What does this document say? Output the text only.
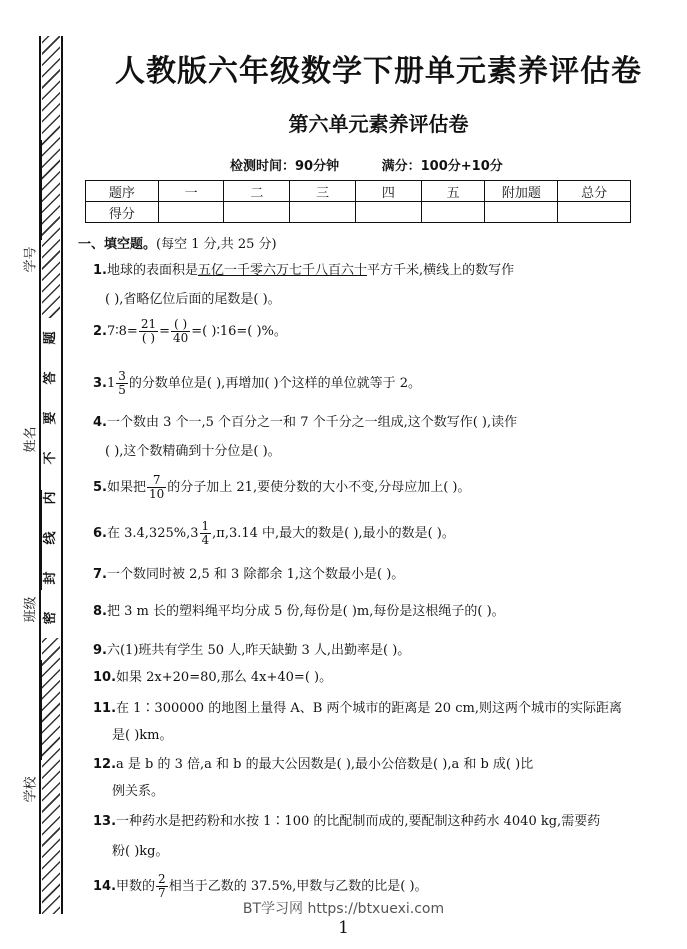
题
答
要
不
内
线
封
密
学号
姓名
班级
学校
人教版六年级数学下册单元素养评估卷
第六单元素养评估卷
检测时间：90分钟	满分：100分+10分
题序	一	二	三	四	五	附加题	总分
得分							
一、填空题。(每空 1 分,共 25 分)
1.地球的表面积是五亿一千零六万七千八百六十平方千米,横线上的数写作
( ),省略亿位后面的尾数是( )。
2.7∶8= $\frac{21}{( )} = \frac{( )}{40}$ =( )∶16=( )%。
$3.1 \frac{3}{5}$ 的分数单位是( ),再增加( )个这样的单位就等于 2。
4.一个数由 3 个一,5 个百分之一和 7 个千分之一组成,这个数写作( ),读作
( ),这个数精确到十分位是( )。
5.如果把 $\frac{7}{10}$ 的分子加上 21,要使分数的大小不变,分母应加上( )。
6.在 $3.4,325\%,3 \frac{1}{4} ,\pi,3.14$ 中,最大的数是( ),最小的数是( )。
7.一个数同时被 2,5 和 3 除都余 1,这个数最小是( )。
8.把 3 m 长的塑料绳平均分成 5 份,每份是( )m,每份是这根绳子的( )。
9.六(1)班共有学生 50 人,昨天缺勤 3 人,出勤率是( )。
10.如果 2x+20=80,那么 4x+40=( )。
11.在 1∶300000 的地图上量得 A、B 两个城市的距离是 20 cm,则这两个城市的实际距离
是( )km。
12.a 是 b 的 3 倍,a 和 b 的最大公因数是( ),最小公倍数是( ),a 和 b 成( )比
例关系。
13.一种药水是把药粉和水按 1∶100 的比配制而成的,要配制这种药水 4040 kg,需要药
粉( )kg。
14.甲数的 $\frac{2}{7}$ 相当于乙数的 37.5%,甲数与乙数的比是( )。
BT学习网 https://btxuexi.com
1
